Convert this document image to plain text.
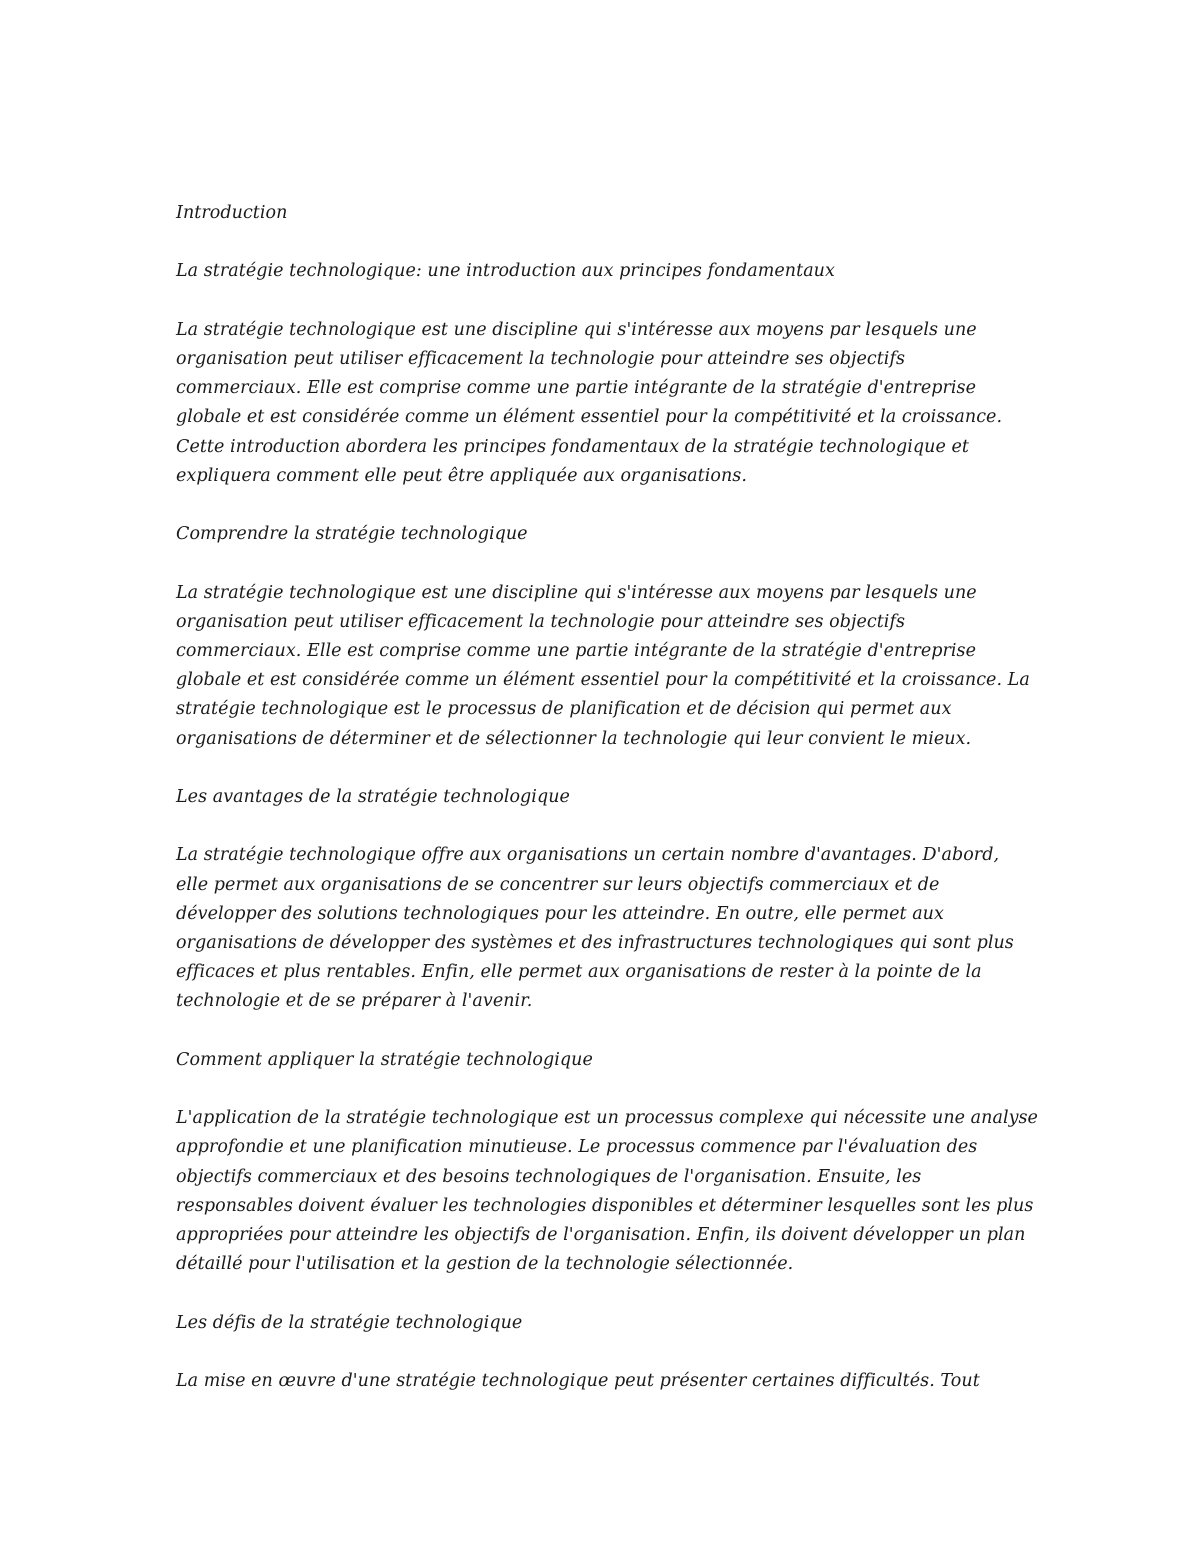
Introduction

La stratégie technologique: une introduction aux principes fondamentaux

La stratégie technologique est une discipline qui s'intéresse aux moyens par lesquels une
organisation peut utiliser efficacement la technologie pour atteindre ses objectifs
commerciaux. Elle est comprise comme une partie intégrante de la stratégie d'entreprise
globale et est considérée comme un élément essentiel pour la compétitivité et la croissance.
Cette introduction abordera les principes fondamentaux de la stratégie technologique et
expliquera comment elle peut être appliquée aux organisations.

Comprendre la stratégie technologique

La stratégie technologique est une discipline qui s'intéresse aux moyens par lesquels une
organisation peut utiliser efficacement la technologie pour atteindre ses objectifs
commerciaux. Elle est comprise comme une partie intégrante de la stratégie d'entreprise
globale et est considérée comme un élément essentiel pour la compétitivité et la croissance. La
stratégie technologique est le processus de planification et de décision qui permet aux
organisations de déterminer et de sélectionner la technologie qui leur convient le mieux.

Les avantages de la stratégie technologique

La stratégie technologique offre aux organisations un certain nombre d'avantages. D'abord,
elle permet aux organisations de se concentrer sur leurs objectifs commerciaux et de
développer des solutions technologiques pour les atteindre. En outre, elle permet aux
organisations de développer des systèmes et des infrastructures technologiques qui sont plus
efficaces et plus rentables. Enfin, elle permet aux organisations de rester à la pointe de la
technologie et de se préparer à l'avenir.

Comment appliquer la stratégie technologique

L'application de la stratégie technologique est un processus complexe qui nécessite une analyse
approfondie et une planification minutieuse. Le processus commence par l'évaluation des
objectifs commerciaux et des besoins technologiques de l'organisation. Ensuite, les
responsables doivent évaluer les technologies disponibles et déterminer lesquelles sont les plus
appropriées pour atteindre les objectifs de l'organisation. Enfin, ils doivent développer un plan
détaillé pour l'utilisation et la gestion de la technologie sélectionnée.

Les défis de la stratégie technologique

La mise en œuvre d'une stratégie technologique peut présenter certaines difficultés. Tout
